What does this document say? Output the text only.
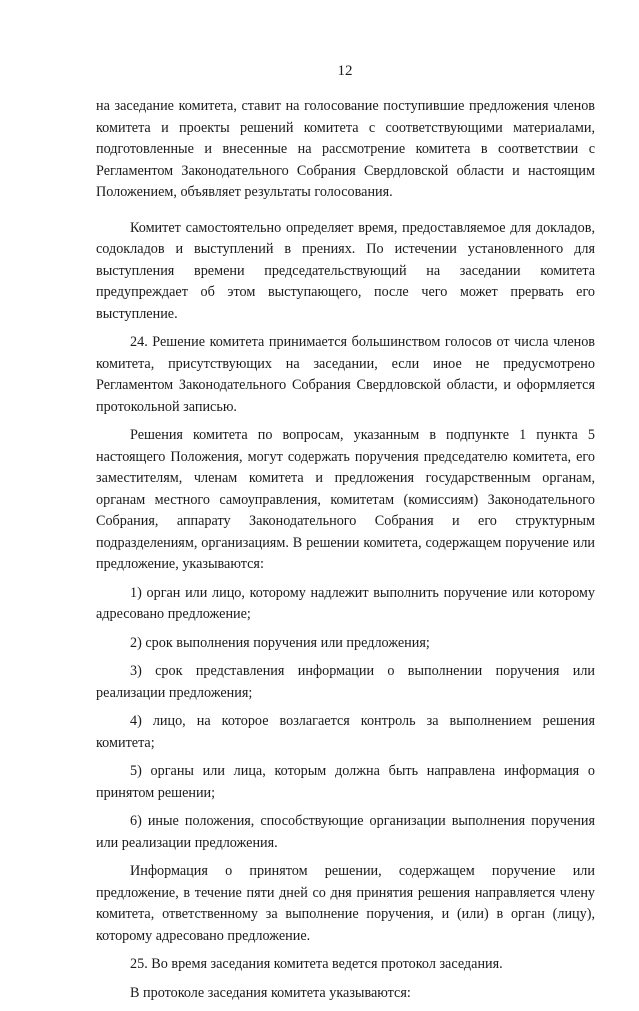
12

на заседание комитета, ставит на голосование поступившие предложения членов комитета и проекты решений комитета с соответствующими материалами, подготовленные и внесенные на рассмотрение комитета в соответствии с Регламентом Законодательного Собрания Свердловской области и настоящим Положением, объявляет результаты голосования.

Комитет самостоятельно определяет время, предоставляемое для докладов, содокладов и выступлений в прениях. По истечении установленного для выступления времени председательствующий на заседании комитета предупреждает об этом выступающего, после чего может прервать его выступление.

24. Решение комитета принимается большинством голосов от числа членов комитета, присутствующих на заседании, если иное не предусмотрено Регламентом Законодательного Собрания Свердловской области, и оформляется протокольной записью.

Решения комитета по вопросам, указанным в подпункте 1 пункта 5 настоящего Положения, могут содержать поручения председателю комитета, его заместителям, членам комитета и предложения государственным органам, органам местного самоуправления, комитетам (комиссиям) Законодательного Собрания, аппарату Законодательного Собрания и его структурным подразделениям, организациям. В решении комитета, содержащем поручение или предложение, указываются:

1) орган или лицо, которому надлежит выполнить поручение или которому адресовано предложение;

2) срок выполнения поручения или предложения;

3) срок представления информации о выполнении поручения или реализации предложения;

4) лицо, на которое возлагается контроль за выполнением решения комитета;

5) органы или лица, которым должна быть направлена информация о принятом решении;

6) иные положения, способствующие организации выполнения поручения или реализации предложения.

Информация о принятом решении, содержащем поручение или предложение, в течение пяти дней со дня принятия решения направляется члену комитета, ответственному за выполнение поручения, и (или) в орган (лицу), которому адресовано предложение.

25. Во время заседания комитета ведется протокол заседания.

В протоколе заседания комитета указываются:
